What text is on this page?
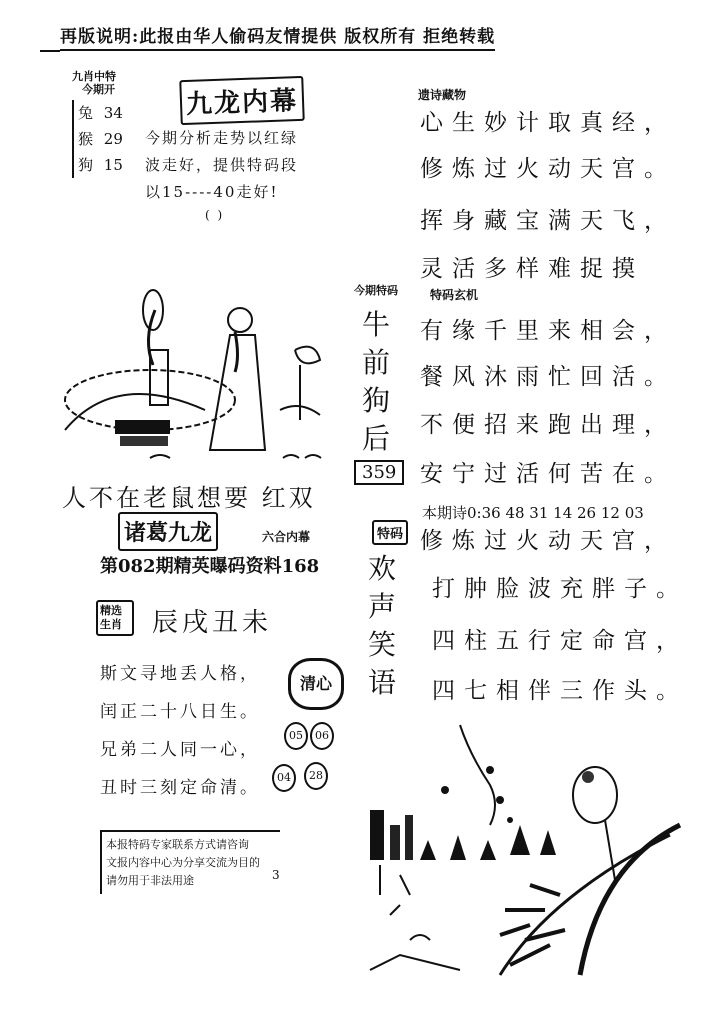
再版说明:此报由华人偷码友情提供 版权所有 拒绝转载
九肖中特
今期开
兔 34
猴 29
狗 15
九龙内幕
今期分析走势以红绿
波走好，提供特码段
以15----40走好!
( )
遗诗藏物
心生妙计取真经，
修炼过火动天宫。
挥身藏宝满天飞，
灵活多样难捉摸
特码玄机
有缘千里来相会，
餐风沐雨忙回活。
不便招来跑出理，
安宁过活何苦在。
今期特码
牛
前
狗
后
359
人不在老鼠想要 红双
诸葛九龙	六合内幕
第082期精英曝码资料168
本期诗0:36 48 31 14 26 12 03
修炼过火动天宫，
打肿脸波充胖子。
四柱五行定命宫，
四七相伴三作头。
特码
欢
声
笑
语
精选生肖	辰戌丑未
斯文寻地丢人格，
闰正二十八日生。
兄弟二人同一心，
丑时三刻定命清。
清心
05	06
04	28
本报特码专家联系方式请咨询
文报内容中心为分享交流为目的
请勿用于非法用途	3
